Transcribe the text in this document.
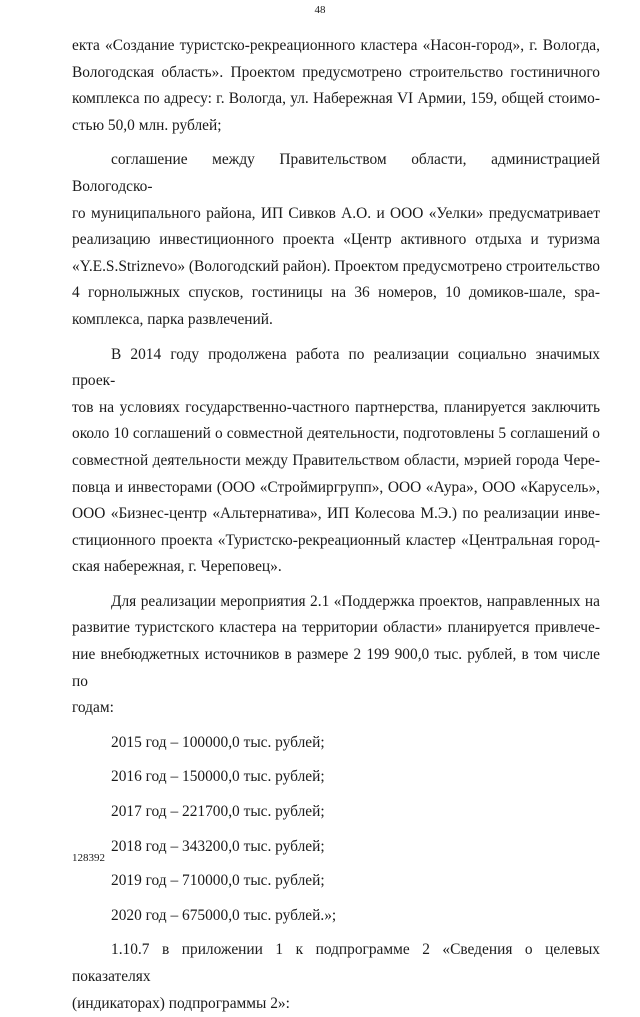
48

екта «Создание туристско-рекреационного кластера «Насон-город», г. Вологда,

Вологодская область». Проектом предусмотрено строительство гостиничного

комплекса по адресу: г. Вологда, ул. Набережная VI Армии, 159, общей стоимо-

стью 50,0 млн. рублей;

соглашение между Правительством области, администрацией Вологодско-

го муниципального района, ИП Сивков А.О. и ООО «Уелки» предусматривает

реализацию инвестиционного проекта «Центр активного отдыха и туризма

«Y.E.S.Striznevo» (Вологодский район). Проектом предусмотрено строительство

4 горнолыжных спусков, гостиницы на 36 номеров, 10 домиков-шале, spa-

комплекса, парка развлечений.

В 2014 году продолжена работа по реализации социально значимых проек-

тов на условиях государственно-частного партнерства, планируется заключить

около 10 соглашений о совместной деятельности, подготовлены 5 соглашений о

совместной деятельности между Правительством области, мэрией города Чере-

повца и инвесторами (ООО «Строймиргрупп», ООО «Аура», ООО «Карусель»,

ООО «Бизнес-центр «Альтернатива», ИП Колесова М.Э.) по реализации инве-

стиционного проекта «Туристско-рекреационный кластер «Центральная город-

ская набережная, г. Череповец».

Для реализации мероприятия 2.1 «Поддержка проектов, направленных на

развитие туристского кластера на территории области» планируется привлече-

ние внебюджетных источников в размере 2 199 900,0 тыс. рублей, в том числе по

годам:

2015 год – 100000,0 тыс. рублей;

2016 год – 150000,0 тыс. рублей;

2017 год – 221700,0 тыс. рублей;

2018 год – 343200,0 тыс. рублей;

2019 год – 710000,0 тыс. рублей;

2020 год – 675000,0 тыс. рублей.»;

1.10.7 в приложении 1 к подпрограмме 2 «Сведения о целевых показателях

(индикаторах) подпрограммы 2»:

128392
